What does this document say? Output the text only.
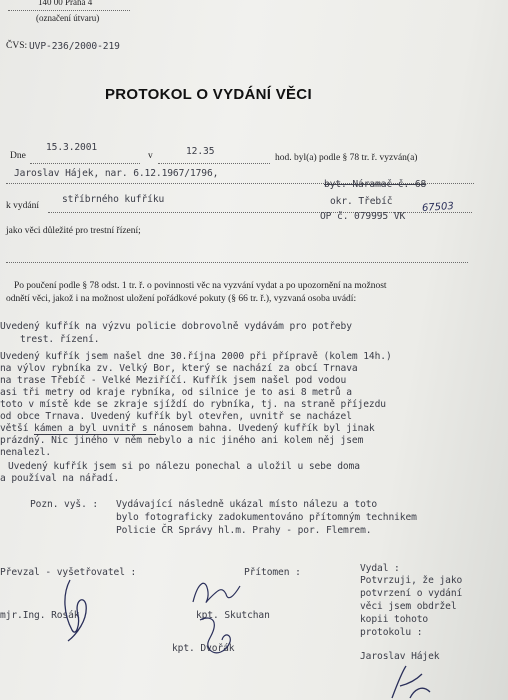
140 00 Praha 4
(označení útvaru)
ČVS: UVP-236/2000-219
PROTOKOL O VYDÁNÍ VĚCI
Dne
15.3.2001
v	12.35
hod. byl(a) podle § 78 tr. ř. vyzván(a)
Jaroslav Hájek, nar. 6.12.1967/1796,
byt. Náramač č. 68
k vydání
stříbrného kufříku	okr. Třebíč
OP č. 079995 VK
67503
jako věci důležité pro trestní řízení;
Po poučení podle § 78 odst. 1 tr. ř. o povinnosti věc na vyzvání vydat a po upozornění na možnost
odnětí věci, jakož i na možnost uložení pořádkové pokuty (§ 66 tr. ř.), vyzvaná osoba uvádí:
Uvedený kufřík na výzvu policie dobrovolně vydávám pro potřeby
trest. řízení.
Uvedený kufřík jsem našel dne 30.října 2000 při přípravě (kolem 14h.)
na výlov rybníka zv. Velký Bor, který se nachází za obcí Trnava
na trase Třebíč - Velké Meziříčí. Kufřík jsem našel pod vodou
asi tři metry od kraje rybníka, od silnice je to asi 8 metrů a
toto v místě kde se zkraje sjíždí do rybníka, tj. na straně příjezdu
od obce Trnava. Uvedený kufřík byl otevřen, uvnitř se nacházel
větší kámen a byl uvnitř s nánosem bahna. Uvedený kufřík byl jinak
prázdný. Nic jiného v něm nebylo a nic jiného ani kolem něj jsem
nenalezl.
Uvedený kufřík jsem si po nálezu ponechal a uložil u sebe doma
a používal na nářadí.
Pozn. vyš. : Vydávající následně ukázal místo nálezu a toto
bylo fotograficky zadokumentováno přítomným technikem
Policie ČR Správy hl.m. Prahy - por. Flemrem.
Převzal - vyšetřovatel :
mjr.Ing. Rosák
Přítomen :
kpt. Skutchan
kpt. Dvořák
Vydal :
Potvrzuji, že jako
potvrzení o vydání
věci jsem obdržel
kopii tohoto
protokolu :
Jaroslav Hájek
